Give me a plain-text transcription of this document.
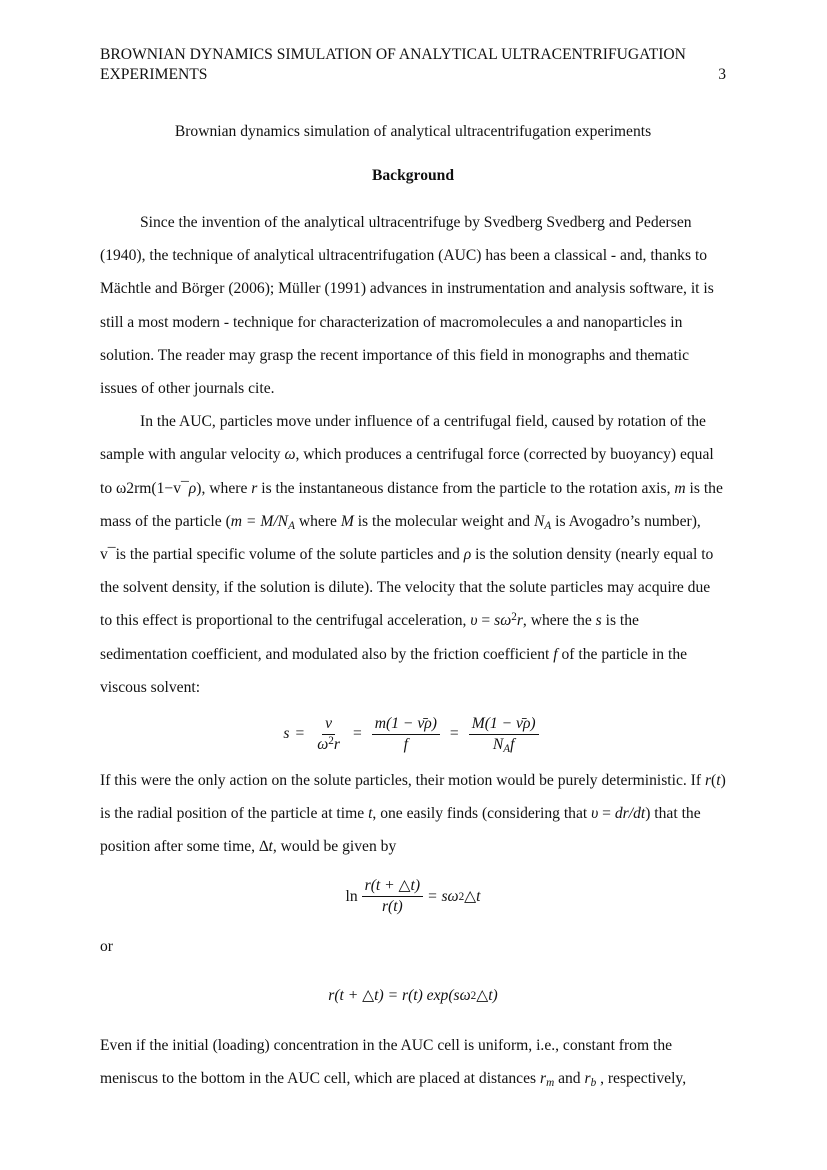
BROWNIAN DYNAMICS SIMULATION OF ANALYTICAL ULTRACENTRIFUGATION
EXPERIMENTS	3
Brownian dynamics simulation of analytical ultracentrifugation experiments
Background

Since the invention of the analytical ultracentrifuge by Svedberg Svedberg and Pedersen (1940), the technique of analytical ultracentrifugation (AUC) has been a classical - and, thanks to Mächtle and Börger (2006); Müller (1991) advances in instrumentation and analysis software, it is still a most modern - technique for characterization of macromolecules a and nanoparticles in solution. The reader may grasp the recent importance of this field in monographs and thematic issues of other journals cite.

In the AUC, particles move under influence of a centrifugal field, caused by rotation of the sample with angular velocity ω, which produces a centrifugal force (corrected by buoyancy) equal to ω2rm(1−v¯ρ), where r is the instantaneous distance from the particle to the rotation axis, m is the mass of the particle ($m = M/N_A$ where M is the molecular weight and $N_A$ is Avogadro’s number), v¯is the partial specific volume of the solute particles and ρ is the solution density (nearly equal to the solvent density, if the solution is dilute). The velocity that the solute particles may acquire due to this effect is proportional to the centrifugal acceleration, $\upsilon = s\omega^2r$, where the s is the sedimentation coefficient, and modulated also by the friction coefficient f of the particle in the viscous solvent:

$s = \frac{\nu}{\omega^2r} = \frac{m(1 - \nū\rho)}{f} = \frac{M(1 - \nū\rho)}{N_Af}$

If this were the only action on the solute particles, their motion would be purely deterministic. If r(t) is the radial position of the particle at time t, one easily finds (considering that υ = dr/dt) that the position after some time, ∆t, would be given by

$\ln \frac{r(t + \triangle t)}{r(t)} = s\omega$ 2 △t

or

r(t + △t) = r(t) exp(sω 2 △t)

Even if the initial (loading) concentration in the AUC cell is uniform, i.e., constant from the meniscus to the bottom in the AUC cell, which are placed at distances $r_m$ and $r_b$ , respectively,
